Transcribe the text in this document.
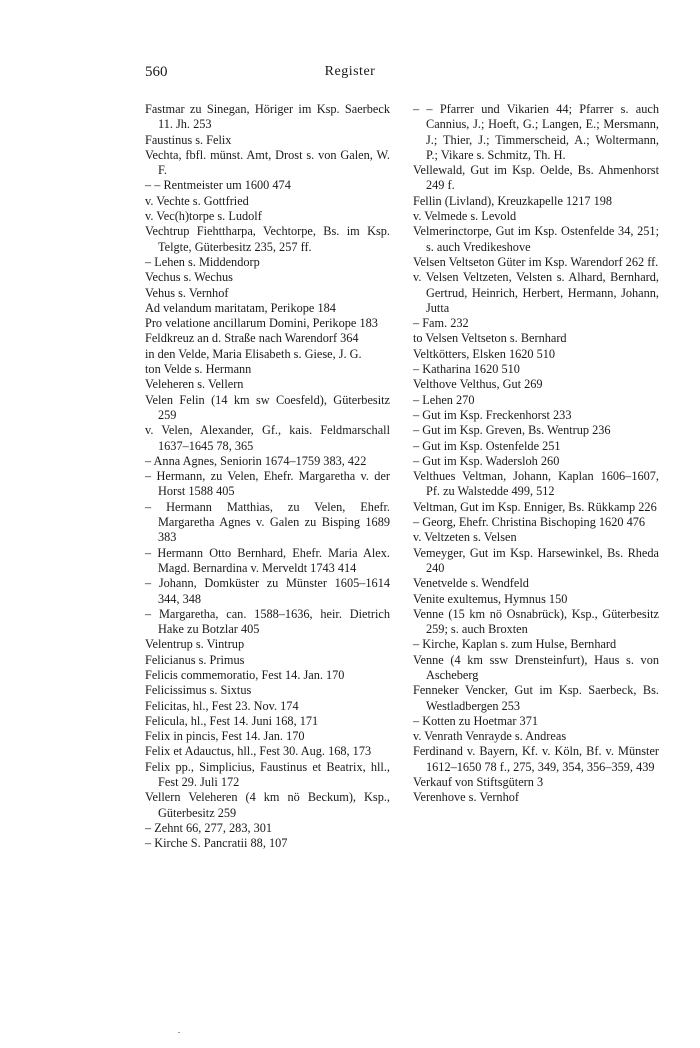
560	Register

Fastmar zu Sinegan, Höriger im Ksp. Saerbeck 11. Jh. 253

Faustinus s. Felix

Vechta, fbfl. münst. Amt, Drost s. von Galen, W. F.

– – Rentmeister um 1600 474

v. Vechte s. Gottfried

v. Vec(h)torpe s. Ludolf

Vechtrup Fiehttharpa, Vechtorpe, Bs. im Ksp. Telgte, Güterbesitz 235, 257 ff.

– Lehen s. Middendorp

Vechus s. Wechus

Vehus s. Vernhof

Ad velandum maritatam, Perikope 184

Pro velatione ancillarum Domini, Perikope 183

Feldkreuz an d. Straße nach Warendorf 364

in den Velde, Maria Elisabeth s. Giese, J. G.

ton Velde s. Hermann

Veleheren s. Vellern

Velen Felin (14 km sw Coesfeld), Güterbesitz 259

v. Velen, Alexander, Gf., kais. Feldmarschall 1637–1645 78, 365

– Anna Agnes, Seniorin 1674–1759 383, 422

– Hermann, zu Velen, Ehefr. Margaretha v. der Horst 1588 405

– Hermann Matthias, zu Velen, Ehefr. Margaretha Agnes v. Galen zu Bisping 1689 383

– Hermann Otto Bernhard, Ehefr. Maria Alex. Magd. Bernardina v. Merveldt 1743 414

– Johann, Domküster zu Münster 1605–1614 344, 348

– Margaretha, can. 1588–1636, heir. Dietrich Hake zu Botzlar 405

Velentrup s. Vintrup

Felicianus s. Primus

Felicis commemoratio, Fest 14. Jan. 170

Felicissimus s. Sixtus

Felicitas, hl., Fest 23. Nov. 174

Felicula, hl., Fest 14. Juni 168, 171

Felix in pincis, Fest 14. Jan. 170

Felix et Adauctus, hll., Fest 30. Aug. 168, 173

Felix pp., Simplicius, Faustinus et Beatrix, hll., Fest 29. Juli 172

Vellern Veleheren (4 km nö Beckum), Ksp., Güterbesitz 259

– Zehnt 66, 277, 283, 301

– Kirche S. Pancratii 88, 107

– – Pfarrer und Vikarien 44; Pfarrer s. auch Cannius, J.; Hoeft, G.; Langen, E.; Mersmann, J.; Thier, J.; Timmerscheid, A.; Woltermann, P.; Vikare s. Schmitz, Th. H.

Vellewald, Gut im Ksp. Oelde, Bs. Ahmenhorst 249 f.

Fellin (Livland), Kreuzkapelle 1217 198

v. Velmede s. Levold

Velmerinctorpe, Gut im Ksp. Ostenfelde 34, 251; s. auch Vredikeshove

Velsen Veltseton Güter im Ksp. Warendorf 262 ff.

v. Velsen Veltzeten, Velsten s. Alhard, Bernhard, Gertrud, Heinrich, Herbert, Hermann, Johann, Jutta

– Fam. 232

to Velsen Veltseton s. Bernhard

Veltkötters, Elsken 1620 510

– Katharina 1620 510

Velthove Velthus, Gut 269

– Lehen 270

– Gut im Ksp. Freckenhorst 233

– Gut im Ksp. Greven, Bs. Wentrup 236

– Gut im Ksp. Ostenfelde 251

– Gut im Ksp. Wadersloh 260

Velthues Veltman, Johann, Kaplan 1606–1607, Pf. zu Walstedde 499, 512

Veltman, Gut im Ksp. Enniger, Bs. Rükkamp 226

– Georg, Ehefr. Christina Bischoping 1620 476

v. Veltzeten s. Velsen

Vemeyger, Gut im Ksp. Harsewinkel, Bs. Rheda 240

Venetvelde s. Wendfeld

Venite exultemus, Hymnus 150

Venne (15 km nö Osnabrück), Ksp., Güterbesitz 259; s. auch Broxten

– Kirche, Kaplan s. zum Hulse, Bernhard

Venne (4 km ssw Drensteinfurt), Haus s. von Ascheberg

Fenneker Vencker, Gut im Ksp. Saerbeck, Bs. Westladbergen 253

– Kotten zu Hoetmar 371

v. Venrath Venrayde s. Andreas

Ferdinand v. Bayern, Kf. v. Köln, Bf. v. Münster 1612–1650 78 f., 275, 349, 354, 356–359, 439

Verkauf von Stiftsgütern 3

Verenhove s. Vernhof
